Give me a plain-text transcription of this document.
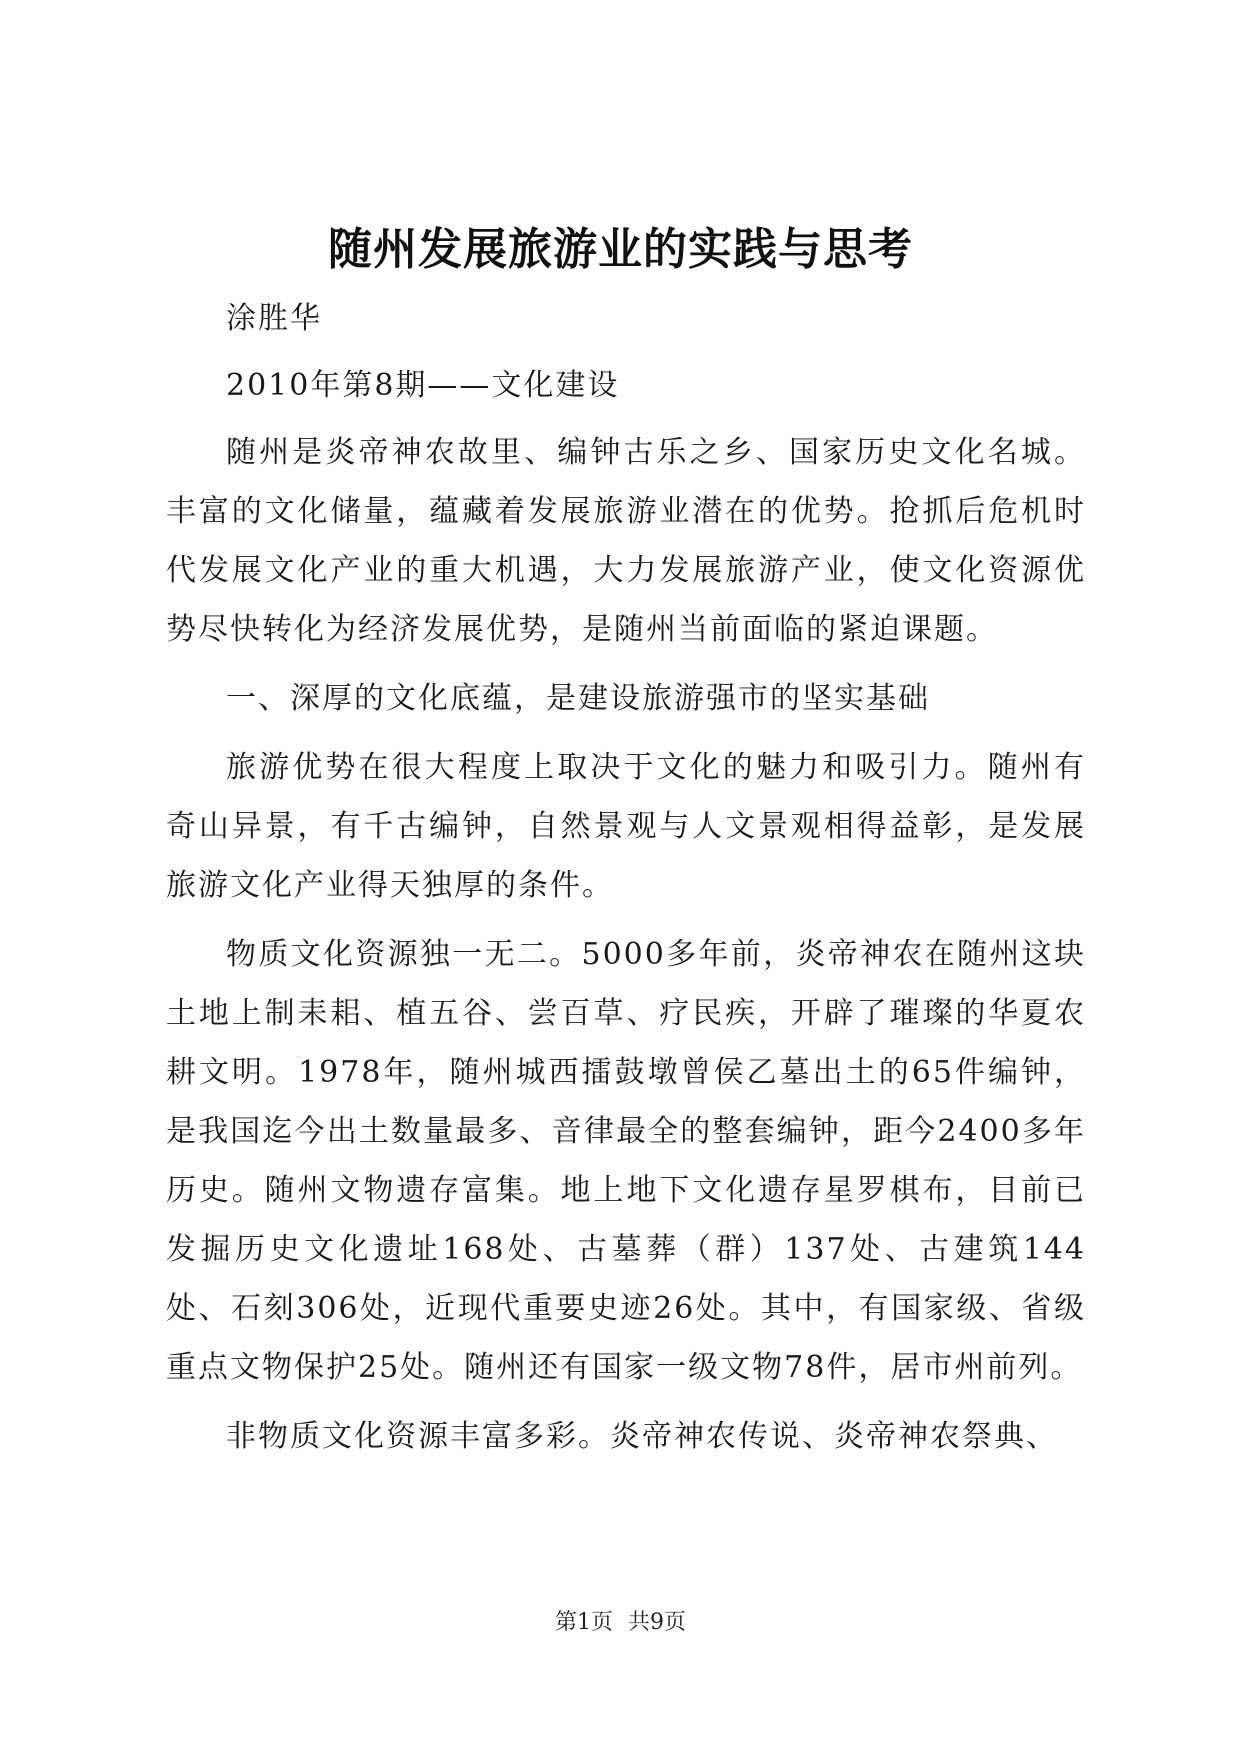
随州发展旅游业的实践与思考

涂胜华

2010年第8期——文化建设

随州是炎帝神农故里、编钟古乐之乡、国家历史文化名城。丰富的文化储量，蕴藏着发展旅游业潜在的优势。抢抓后危机时代发展文化产业的重大机遇，大力发展旅游产业，使文化资源优势尽快转化为经济发展优势，是随州当前面临的紧迫课题。

一、深厚的文化底蕴，是建设旅游强市的坚实基础

旅游优势在很大程度上取决于文化的魅力和吸引力。随州有奇山异景，有千古编钟，自然景观与人文景观相得益彰，是发展旅游文化产业得天独厚的条件。

物质文化资源独一无二。5000多年前，炎帝神农在随州这块土地上制耒耜、植五谷、尝百草、疗民疾，开辟了璀璨的华夏农耕文明。1978年，随州城西擂鼓墩曾侯乙墓出土的65件编钟，是我国迄今出土数量最多、音律最全的整套编钟，距今2400多年历史。随州文物遗存富集。地上地下文化遗存星罗棋布，目前已发掘历史文化遗址168处、古墓葬（群）137处、古建筑144处、石刻306处，近现代重要史迹26处。其中，有国家级、省级重点文物保护25处。随州还有国家一级文物78件，居市州前列。

非物质文化资源丰富多彩。炎帝神农传说、炎帝神农祭典、

第1页 共9页
